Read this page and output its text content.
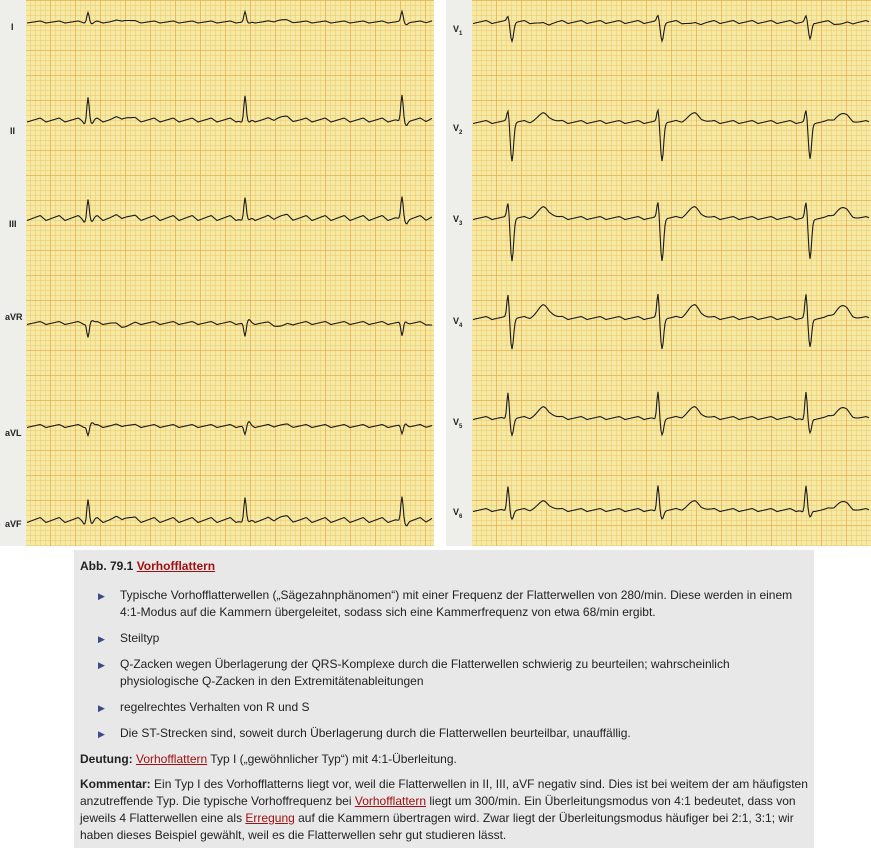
I
II
III
aVR
aVL
aVF
$V_1$
$V_2$
$V_3$
$V_4$
$V_5$
$V_6$
Abb. 79.1 Vorhofflattern
▶ Typische Vorhofflatterwellen („Sägezahnphänomen“) mit einer Frequenz der Flatterwellen von 280/min. Diese werden in einem 4:1-Modus auf die Kammern übergeleitet, sodass sich eine Kammerfrequenz von etwa 68/min ergibt.
▶ Steiltyp
▶ Q-Zacken wegen Überlagerung der QRS-Komplexe durch die Flatterwellen schwierig zu beurteilen; wahrscheinlich physiologische Q-Zacken in den Extremitätenableitungen
▶ regelrechtes Verhalten von R und S
▶ Die ST-Strecken sind, soweit durch Überlagerung durch die Flatterwellen beurteilbar, unauffällig.
Deutung: Vorhofflattern Typ I („gewöhnlicher Typ“) mit 4:1-Überleitung.
Kommentar: Ein Typ I des Vorhofflatterns liegt vor, weil die Flatterwellen in II, III, aVF negativ sind. Dies ist bei weitem der am häufigsten anzutreffende Typ. Die typische Vorhoffrequenz bei Vorhofflattern liegt um 300/min. Ein Überleitungsmodus von 4:1 bedeutet, dass von jeweils 4 Flatterwellen eine als Erregung auf die Kammern übertragen wird. Zwar liegt der Überleitungsmodus häufiger bei 2:1, 3:1; wir haben dieses Beispiel gewählt, weil es die Flatterwellen sehr gut studieren lässt.
